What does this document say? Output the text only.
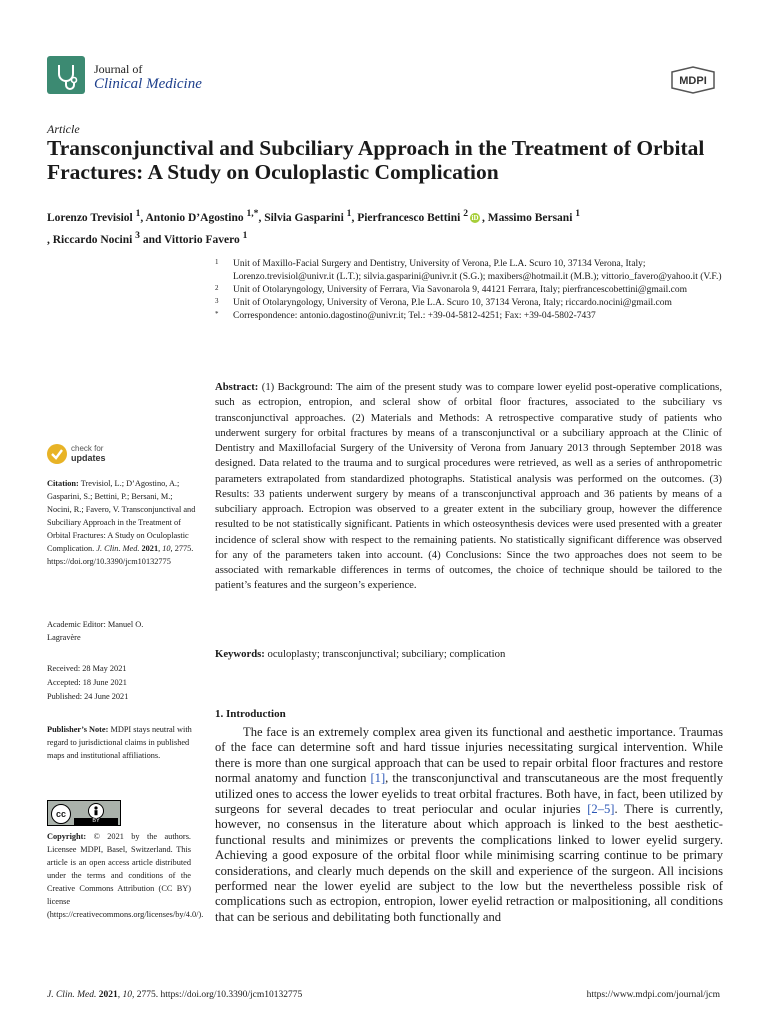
Journal of
Clinical Medicine	MDPI
Article
Transconjunctival and Subciliary Approach in the Treatment of Orbital Fractures: A Study on Oculoplastic Complication
Lorenzo Trevisiol $^1$, Antonio D’Agostino $^{1,*}$, Silvia Gasparini $^1$, Pierfrancesco Bettini $^2$ iD , Massimo Bersani $^1$
, Riccardo Nocini $^3$ and Vittorio Favero $^1$
1 Unit of Maxillo-Facial Surgery and Dentistry, University of Verona, P.le L.A. Scuro 10, 37134 Verona, Italy; Lorenzo.trevisiol@univr.it (L.T.); silvia.gasparini@univr.it (S.G.); maxibers@hotmail.it (M.B.); vittorio_favero@yahoo.it (V.F.)
2 Unit of Otolaryngology, University of Ferrara, Via Savonarola 9, 44121 Ferrara, Italy; pierfrancescobettini@gmail.com
3 Unit of Otolaryngology, University of Verona, P.le L.A. Scuro 10, 37134 Verona, Italy; riccardo.nocini@gmail.com
* Correspondence: antonio.dagostino@univr.it; Tel.: +39-04-5812-4251; Fax: +39-04-5802-7437
Abstract: (1) Background: The aim of the present study was to compare lower eyelid post-operative complications, such as ectropion, entropion, and scleral show of orbital floor fractures, associated to the subciliary vs transconjunctival approaches. (2) Materials and Methods: A retrospective comparative study of patients who underwent surgery for orbital fractures by means of a transconjunctival or a subciliary approach at the Clinic of Dentistry and Maxillofacial Surgery of the University of Verona from January 2013 through September 2018 was designed. Data related to the trauma and to surgical procedures were retrieved, as well as a series of anthropometric parameters extrapolated from standardized photographs. Statistical analysis was performed on the outcomes. (3) Results: 33 patients underwent surgery by means of a transconjunctival approach and 36 patients by means of a subciliary approach. Ectropion was observed to a greater extent in the subciliary group, however the difference resulted to be not statistically significant. Patients in which osteosynthesis devices were used presented with a greater incidence of scleral show with respect to the remaining patients. No statistically significant difference was observed for any of the parameters taken into account. (4) Conclusions: Since the two approaches does not seem to be associated with remarkable differences in terms of outcomes, the choice of technique should be tailored to the patient’s features and the surgeon’s experience.
Keywords: oculoplasty; transconjunctival; subciliary; complication
1. Introduction

The face is an extremely complex area given its functional and aesthetic importance. Traumas of the face can determine soft and hard tissue injuries necessitating surgical intervention. While there is more than one surgical approach that can be used to repair orbital floor fractures and restore normal anatomy and function [1], the transconjunctival and transcutaneous are the most frequently utilized ones to access the lower eyelids to treat orbital fractures. Both have, in fact, been utilized by surgeons for several decades to treat periocular and ocular injuries [2–5]. There is currently, however, no consensus in the literature about which approach is linked to the best aesthetic-functional results and minimizes or prevents the complications linked to lower eyelid surgery. Achieving a good exposure of the orbital floor while minimising scarring continue to be primary considerations, and clearly much depends on the skill and experience of the surgeon. All incisions performed near the lower eyelid are subject to the low but the nevertheless possible risk of complications such as ectropion, entropion, lower eyelid retraction or malpositioning, all conditions that can be serious and debilitating both functionally and

check for
updates
Citation: Trevisiol, L.; D’Agostino, A.; Gasparini, S.; Bettini, P.; Bersani, M.; Nocini, R.; Favero, V. Transconjunctival and Subciliary Approach in the Treatment of Orbital Fractures: A Study on Oculoplastic Complication. J. Clin. Med. 2021, 10, 2775. https://doi.org/10.3390/jcm10132775
Academic Editor: Manuel O. Lagravère
Received: 28 May 2021
Accepted: 18 June 2021
Published: 24 June 2021
Publisher’s Note: MDPI stays neutral with regard to jurisdictional claims in published maps and institutional affiliations.
cc
BY
Copyright: © 2021 by the authors. Licensee MDPI, Basel, Switzerland. This article is an open access article distributed under the terms and conditions of the Creative Commons Attribution (CC BY) license (https://creativecommons.org/licenses/by/4.0/).
J. Clin. Med. 2021, 10, 2775. https://doi.org/10.3390/jcm10132775	https://www.mdpi.com/journal/jcm
